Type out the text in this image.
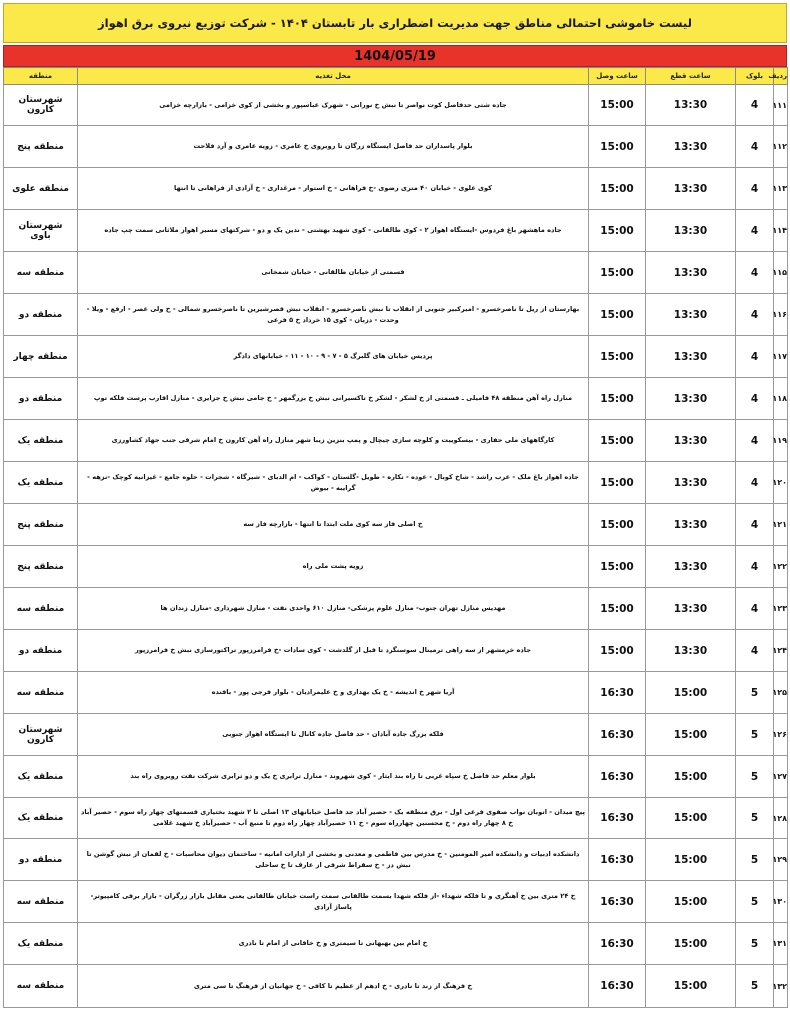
لیست خاموشی احتمالی مناطق جهت مدیریت اضطراری بار تابستان ۱۴۰۴ - شرکت توزیع نیروی برق اهواز
1404/05/19
ردیف	بلوک	ساعت قطع	ساعت وصل	محل تغذیه	منطقه
۱۱۱	4	13:30	15:00	جاده شتی حدفاصل کوت نواصر تا نبش خ نورانی - شهرک عباسپور و بخشی از کوی خزامی - بازارچه خزامی	شهرستان کارون
۱۱۲	4	13:30	15:00	بلوار پاسداران حد فاصل ایستگاه زرگان تا روبروی خ عامری - زویه عامری و آرد فلاحت	منطقه پنج
۱۱۳	4	13:30	15:00	کوی علوی - خیابان ۴۰ متری رضوی -خ فراهانی - خ استوار - مرغداری - خ آزادی از فراهانی تا انتها	منطقه علوی
۱۱۴	4	13:30	15:00	جاده ماهشهر باغ فردوس -ایستگاه اهواز ۲ - کوی طالقانی - کوی شهید بهشتی - ندین یک و دو - شرکتهای مسیر اهواز ملاثانی سمت چپ جاده	شهرستان باوی
۱۱۵	4	13:30	15:00	قسمتی از خیابان طالقانی - خیابان شمخانی	منطقه سه
۱۱۶	4	13:30	15:00	بهارستان از ریل تا ناصرخسرو - امیرکبیر جنوبی از انقلاب تا نبش ناصرخسرو - انقلاب نبش قصرشیرین تا ناصرخسرو شمالی - خ ولی عصر - ارفع - ویلا - وحدت - دزبان - کوی ۱۵ خرداد خ ۵ فرعی	منطقه دو
۱۱۷	4	13:30	15:00	پردیس خیابان های گلبرگ ۵ - ۷ - ۹ - ۱۰ - ۱۱ - خیابانهای دادگر	منطقه چهار
۱۱۸	4	13:30	15:00	منازل راه آهن منطقه ۴۸ فامیلی ـ قسمتی از خ لشکر - لشکر خ تاکسیرانی نبش خ بزرگمهر - خ جامی نبش خ جزایری - منازل اقارب پرست فلکه توپ	منطقه دو
۱۱۹	4	13:30	15:00	کارگاههای ملی حفاری - بیسکوییت و کلوچه سازی چیچال و پمپ بنزین زیبا شهر منازل راه آهن کارون خ امام شرقی جنب جهاد کشاورزی	منطقه یک
۱۲۰	4	13:30	15:00	جاده اهواز باغ ملک - عرب راشد - شاخ کوبال - عوده - تکاره - طویل -گلستان - کواکب - ام الدبای - شیرگاه - شجرات - حلوه جامع - غیزانیه کوچک -نزهه - گرایبه - بیوض	منطقه یک
۱۲۱	4	13:30	15:00	خ اصلی فاز سه کوی ملت ابتدا تا انتها - بازارچه فاز سه	منطقه پنج
۱۲۲	4	13:30	15:00	زویه پشت ملی راه	منطقه پنج
۱۲۳	4	13:30	15:00	مهدیس منازل تهران جنوب- منازل علوم پزشکی- منازل ۶۱۰ واحدی نفت - منازل شهرداری -منازل زندان ها	منطقه سه
۱۲۴	4	13:30	15:00	جاده خرمشهر از سه راهی ترمینال سوسنگرد تا قبل از گلدشت - کوی سادات -خ فرامرزپور تراکتورسازی نبش خ فرامرزپور	منطقه دو
۱۲۵	5	15:00	16:30	آریا شهر خ اندیشه - خ یک بهداری و خ علیمرادیان - بلوار فرجی پور - بافنده	منطقه سه
۱۲۶	5	15:00	16:30	فلکه بزرگ جاده آبادان - حد فاصل جاده کانال تا ایستگاه اهواز جنوبی	شهرستان کارون
۱۲۷	5	15:00	16:30	بلوار معلم حد فاصل خ سپاه غربی تا راه بند ایثار - کوی شهروند - منازل ترابری خ یک و دو ترابری شرکت نفت روبروی راه بند	منطقه یک
۱۲۸	5	15:00	16:30	پیچ میدان - اتوبان نواب صفوی فرعی اول - برق منطقه یک - حصیر آباد حد فاصل خیابانهای ۱۳ اصلی تا ۲ شهید بختیاری قسمتهای چهار راه سوم - حصیر آباد خ ۸ چهار راه دوم - خ محسنین چهارراه سوم - خ ۱۱ حصیرآباد چهار راه دوم تا منبع آب - حصیرآباد خ شهید غلامی	منطقه یک
۱۲۹	5	15:00	16:30	دانشکده ادبیات و دانشکده امیر المومنین - خ مدرس بین فاطمی و معدنی و بخشی از ادارات امانیه - ساختمان دیوان محاسبات - خ لقمان از نبش گوشن تا نبش دز - خ سقراط شرقی از عارف تا خ ساحلی	منطقه دو
۱۳۰	5	15:00	16:30	خ ۲۴ متری بین خ آهنگری و تا فلکه شهداء -از فلکه شهدا بسمت طالقانی سمت راست خیابان طالقانی یعنی مقابل بازار زرگران - بازار برقی کامپیوتر- پاساژ آزادی	منطقه سه
۱۳۱	5	15:00	16:30	خ امام بین بهبهانی تا سیمتری و خ خاقانی از امام تا نادری	منطقه یک
۱۳۲	5	15:00	16:30	خ فرهنگ از زند تا نادری - خ ادهم از عظیم تا کافی - خ جهانیان از فرهنگ تا سی متری	منطقه سه
